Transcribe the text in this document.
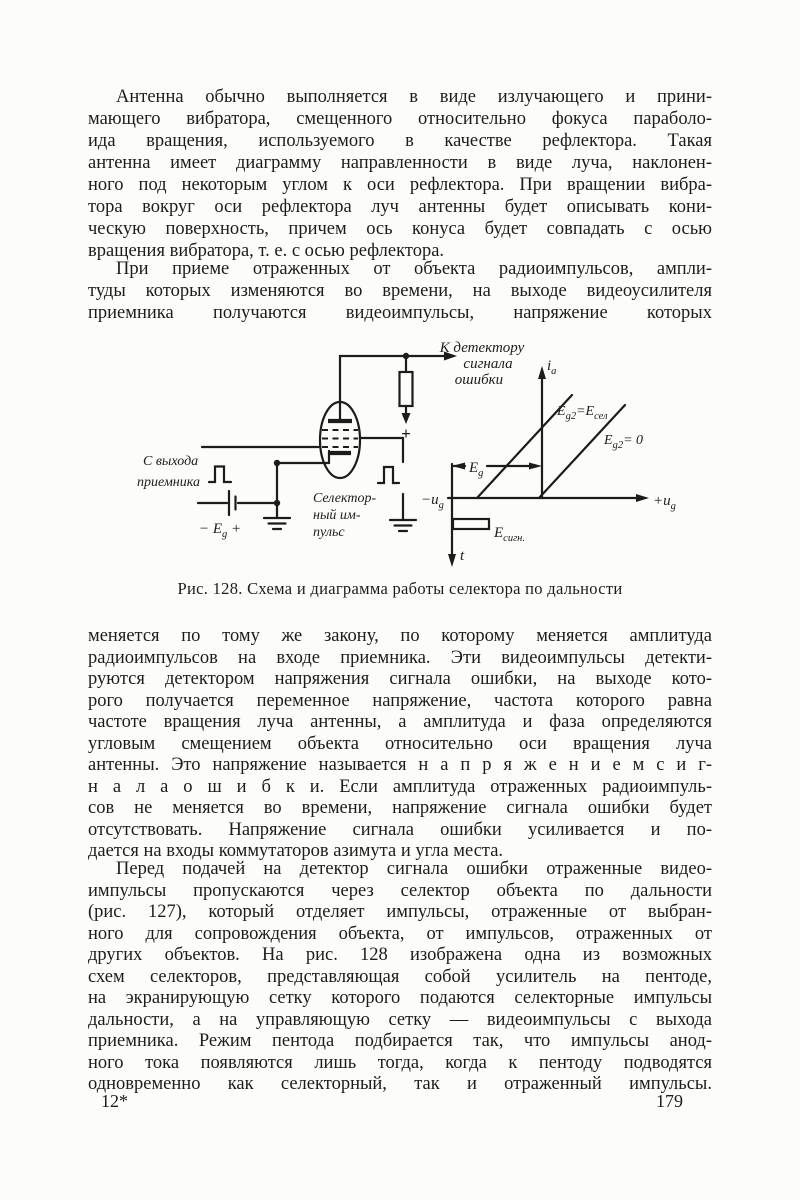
Антенна обычно выполняется в виде излучающего и прини-
мающего вибратора, смещенного относительно фокуса параболо-
ида вращения, используемого в качестве рефлектора. Такая
антенна имеет диаграмму направленности в виде луча, наклонен-
ного под некоторым углом к оси рефлектора. При вращении вибра-
тора вокруг оси рефлектора луч антенны будет описывать кони-
ческую поверхность, причем ось конуса будет совпадать с осью
вращения вибратора, т. е. с осью рефлектора.
При приеме отраженных от объекта радиоимпульсов, ампли-
туды которых изменяются во времени, на выходе видеоусилителя
приемника получаются видеоимпульсы, напряжение которых
+
К детектору
сигнала
ошибки
С выхода
приемника
Селектор-
ный им-
пульс
− $E_g$ +
$i_a$
$+u_g$
$-u_g$
$E_g$
$E_{g2}=E_{сел}$
$E_{g2}= 0$
$E_{сигн.}$
t
Рис. 128. Схема и диаграмма работы селектора по дальности
меняется по тому же закону, по которому меняется амплитуда
радиоимпульсов на входе приемника. Эти видеоимпульсы детекти-
руются детектором напряжения сигнала ошибки, на выходе кото-
рого получается переменное напряжение, частота которого равна
частоте вращения луча антенны, а амплитуда и фаза определяются
угловым смещением объекта относительно оси вращения луча
антенны. Это напряжение называется н а п р я ж е н и е м с и г-
н а л а о ш и б к и. Если амплитуда отраженных радиоимпуль-
сов не меняется во времени, напряжение сигнала ошибки будет
отсутствовать. Напряжение сигнала ошибки усиливается и по-
дается на входы коммутаторов азимута и угла места.
Перед подачей на детектор сигнала ошибки отраженные видео-
импульсы пропускаются через селектор объекта по дальности
(рис. 127), который отделяет импульсы, отраженные от выбран-
ного для сопровождения объекта, от импульсов, отраженных от
других объектов. На рис. 128 изображена одна из возможных
схем селекторов, представляющая собой усилитель на пентоде,
на экранирующую сетку которого подаются селекторные импульсы
дальности, а на управляющую сетку — видеоимпульсы с выхода
приемника. Режим пентода подбирается так, что импульсы анод-
ного тока появляются лишь тогда, когда к пентоду подводятся
одновременно как селекторный, так и отраженный импульсы.
12*	179
